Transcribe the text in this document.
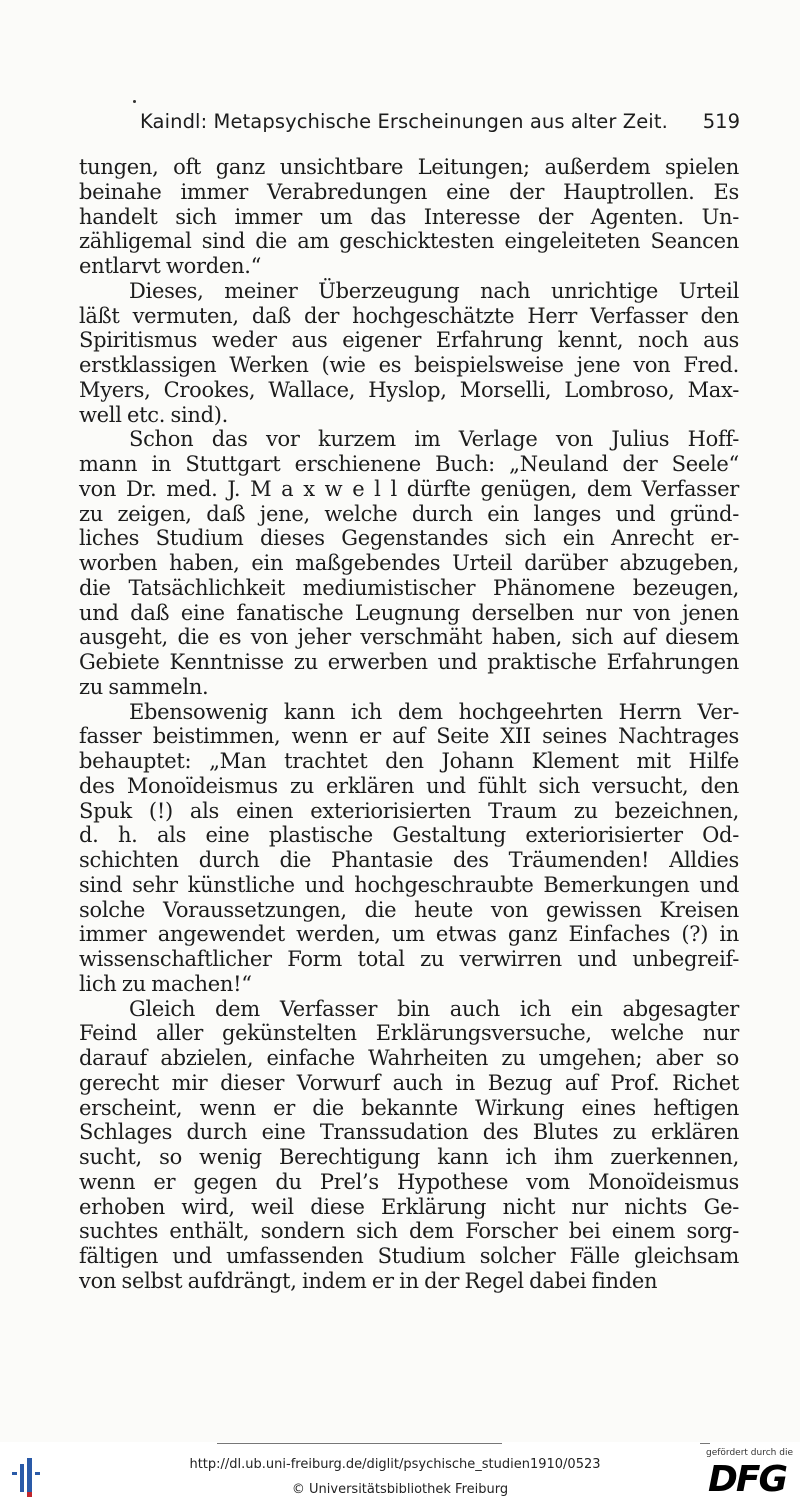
Kaindl: Metapsychische Erscheinungen aus alter Zeit. 519
tungen, oft ganz unsichtbare Leitungen; außerdem spielen
beinahe immer Verabredungen eine der Hauptrollen. Es
handelt sich immer um das Interesse der Agenten. Un-
zähligemal sind die am geschicktesten eingeleiteten Seancen
entlarvt worden.“
Dieses, meiner Überzeugung nach unrichtige Urteil
läßt vermuten, daß der hochgeschätzte Herr Verfasser den
Spiritismus weder aus eigener Erfahrung kennt, noch aus
erstklassigen Werken (wie es beispielsweise jene von Fred.
Myers, Crookes, Wallace, Hyslop, Morselli, Lombroso, Max-
well etc. sind).
Schon das vor kurzem im Verlage von Julius Hoff-
mann in Stuttgart erschienene Buch: „Neuland der Seele“
von Dr. med. J. M a x w e l l dürfte genügen, dem Verfasser
zu zeigen, daß jene, welche durch ein langes und gründ-
liches Studium dieses Gegenstandes sich ein Anrecht er-
worben haben, ein maßgebendes Urteil darüber abzugeben,
die Tatsächlichkeit mediumistischer Phänomene bezeugen,
und daß eine fanatische Leugnung derselben nur von jenen
ausgeht, die es von jeher verschmäht haben, sich auf diesem
Gebiete Kenntnisse zu erwerben und praktische Erfahrungen
zu sammeln.
Ebensowenig kann ich dem hochgeehrten Herrn Ver-
fasser beistimmen, wenn er auf Seite XII seines Nachtrages
behauptet: „Man trachtet den Johann Klement mit Hilfe
des Monoïdeismus zu erklären und fühlt sich versucht, den
Spuk (!) als einen exteriorisierten Traum zu bezeichnen,
d. h. als eine plastische Gestaltung exteriorisierter Od-
schichten durch die Phantasie des Träumenden! Alldies
sind sehr künstliche und hochgeschraubte Bemerkungen und
solche Voraussetzungen, die heute von gewissen Kreisen
immer angewendet werden, um etwas ganz Einfaches (?) in
wissenschaftlicher Form total zu verwirren und unbegreif-
lich zu machen!“
Gleich dem Verfasser bin auch ich ein abgesagter
Feind aller gekünstelten Erklärungsversuche, welche nur
darauf abzielen, einfache Wahrheiten zu umgehen; aber so
gerecht mir dieser Vorwurf auch in Bezug auf Prof. Richet
erscheint, wenn er die bekannte Wirkung eines heftigen
Schlages durch eine Transsudation des Blutes zu erklären
sucht, so wenig Berechtigung kann ich ihm zuerkennen,
wenn er gegen du Prel’s Hypothese vom Monoïdeismus
erhoben wird, weil diese Erklärung nicht nur nichts Ge-
suchtes enthält, sondern sich dem Forscher bei einem sorg-
fältigen und umfassenden Studium solcher Fälle gleichsam
von selbst aufdrängt, indem er in der Regel dabei finden
http://dl.ub.uni-freiburg.de/diglit/psychische_studien1910/0523
© Universitätsbibliothek Freiburg
gefördert durch die
DFG
